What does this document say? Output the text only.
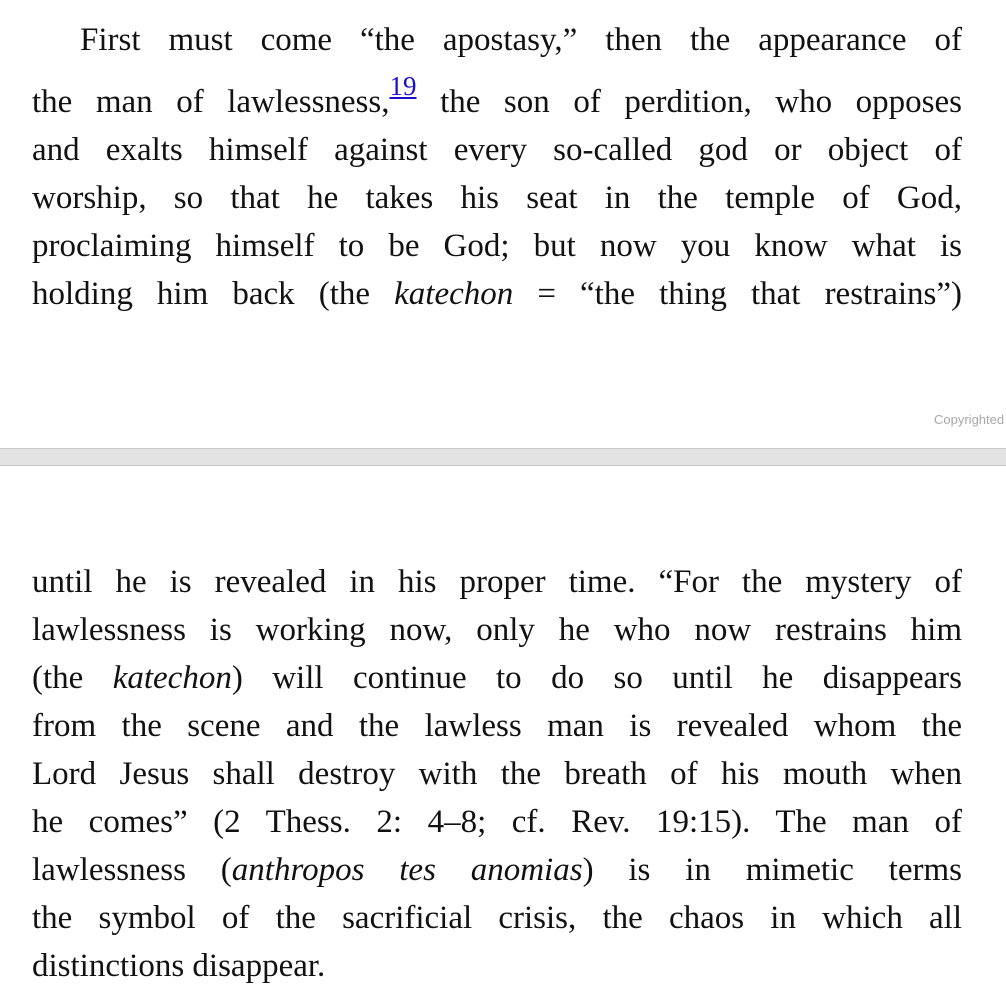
First must come “the apostasy,” then the appearance of
the man of lawlessness,$^{19}$ the son of perdition, who opposes
and exalts himself against every so-called god or object of
worship, so that he takes his seat in the temple of God,
proclaiming himself to be God; but now you know what is
holding him back (the katechon = “the thing that restrains”)
Copyrighted
until he is revealed in his proper time. “For the mystery of
lawlessness is working now, only he who now restrains him
(the katechon) will continue to do so until he disappears
from the scene and the lawless man is revealed whom the
Lord Jesus shall destroy with the breath of his mouth when
he comes” (2 Thess. 2: 4–8; cf. Rev. 19:15). The man of
lawlessness (anthropos tes anomias) is in mimetic terms
the symbol of the sacrificial crisis, the chaos in which all
distinctions disappear.
